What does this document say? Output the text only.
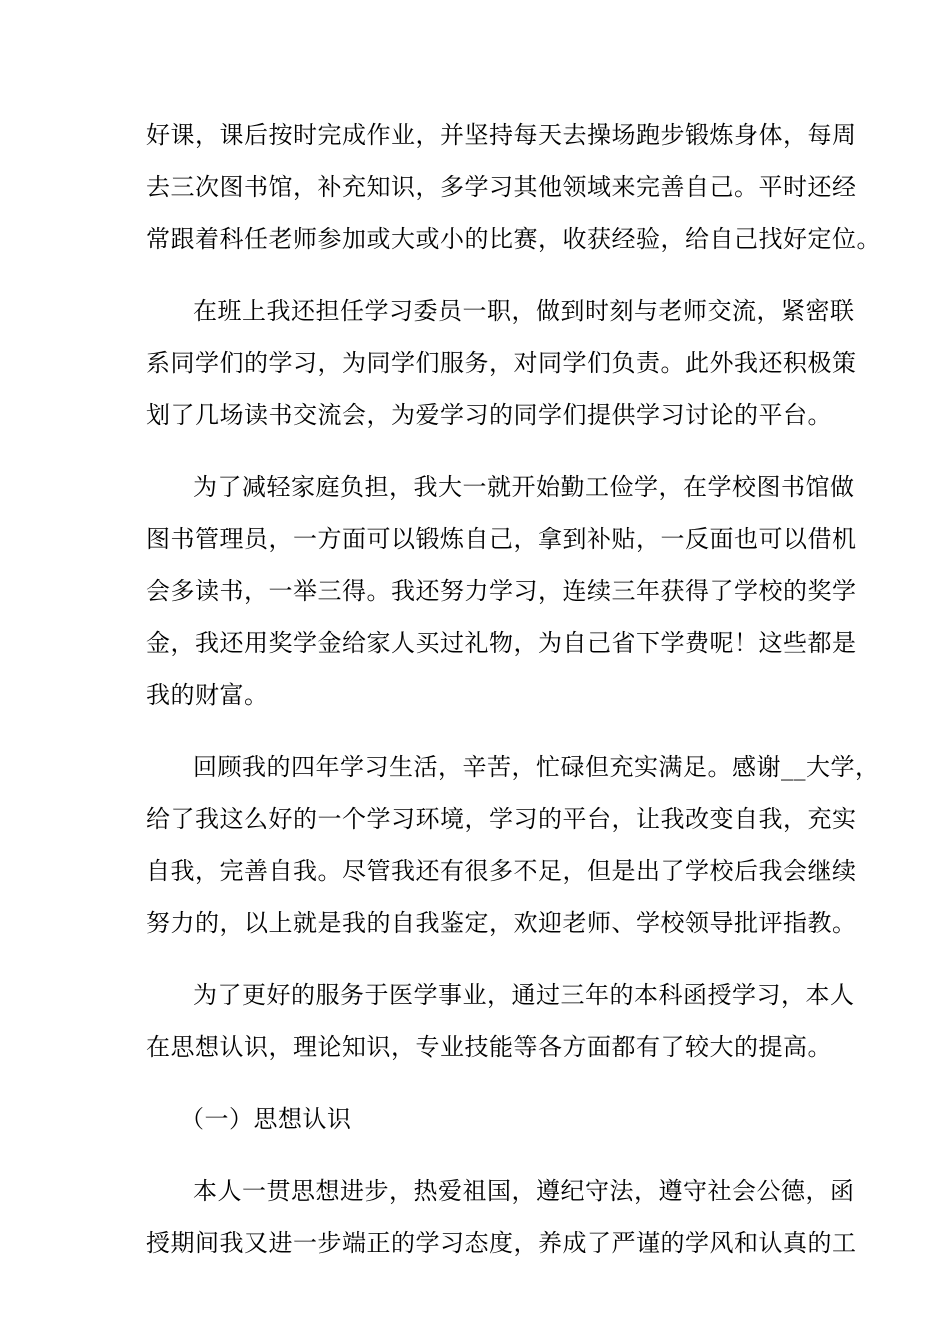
好课，课后按时完成作业，并坚持每天去操场跑步锻炼身体，每周
去三次图书馆，补充知识，多学习其他领域来完善自己。平时还经
常跟着科任老师参加或大或小的比赛，收获经验，给自己找好定位。
在班上我还担任学习委员一职，做到时刻与老师交流，紧密联
系同学们的学习，为同学们服务，对同学们负责。此外我还积极策
划了几场读书交流会，为爱学习的同学们提供学习讨论的平台。
为了减轻家庭负担，我大一就开始勤工俭学，在学校图书馆做
图书管理员，一方面可以锻炼自己，拿到补贴，一反面也可以借机
会多读书，一举三得。我还努力学习，连续三年获得了学校的奖学
金，我还用奖学金给家人买过礼物，为自己省下学费呢！这些都是
我的财富。
回顾我的四年学习生活，辛苦，忙碌但充实满足。感谢__大学，
给了我这么好的一个学习环境，学习的平台，让我改变自我，充实
自我，完善自我。尽管我还有很多不足，但是出了学校后我会继续
努力的，以上就是我的自我鉴定，欢迎老师、学校领导批评指教。
为了更好的服务于医学事业，通过三年的本科函授学习，本人
在思想认识，理论知识，专业技能等各方面都有了较大的提高。
（一）思想认识
本人一贯思想进步，热爱祖国，遵纪守法，遵守社会公德，函
授期间我又进一步端正的学习态度，养成了严谨的学风和认真的工
